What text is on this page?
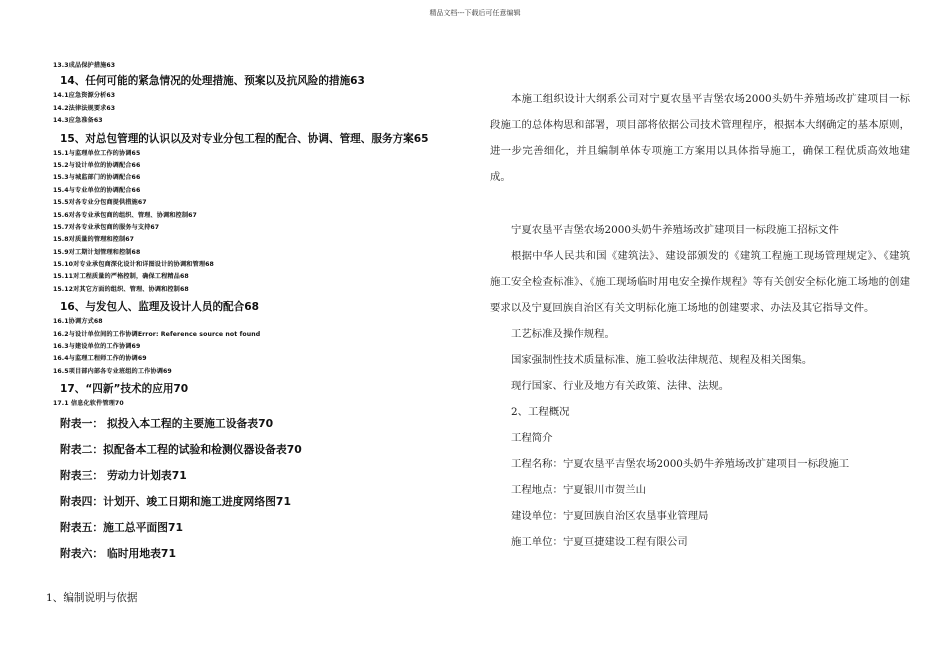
精品文档---下载后可任意编辑
13.3成品保护措施63
14、任何可能的紧急情况的处理措施、预案以及抗风险的措施63
14.1应急资源分析63
14.2法律法规要求63
14.3应急准备63
15、对总包管理的认识以及对专业分包工程的配合、协调、管理、服务方案65
15.1与监理单位工作的协调65
15.2与设计单位的协调配合66
15.3与城监部门的协调配合66
15.4与专业单位的协调配合66
15.5对各专业分包商提供措施67
15.6对各专业承包商的组织、管理、协调和控制67
15.7对各专业承包商的服务与支持67
15.8对质量的管理和控制67
15.9对工期计划管理和控制68
15.10对专业承包商深化设计和详图设计的协调和管理68
15.11对工程质量的严格控制，确保工程精品68
15.12对其它方面的组织、管理、协调和控制68
16、与发包人、监理及设计人员的配合68
16.1协调方式68
16.2与设计单位间的工作协调Error: Reference source not found
16.3与建设单位的工作协调69
16.4与监理工程师工作的协调69
16.5项目部内部各专业班组的工作协调69
17、“四新”技术的应用70
17.1 信息化软件管理70
附表一： 拟投入本工程的主要施工设备表70
附表二：拟配备本工程的试验和检测仪器设备表70
附表三： 劳动力计划表71
附表四：计划开、竣工日期和施工进度网络图71
附表五：施工总平面图71
附表六： 临时用地表71
1、编制说明与依据

本施工组织设计大纲系公司对宁夏农垦平吉堡农场2000头奶牛养殖场改扩建项目一标段施工的总体构思和部署，项目部将依据公司技术管理程序，根据本大纲确定的基本原则，进一步完善细化，并且编制单体专项施工方案用以具体指导施工，确保工程优质高效地建成。

宁夏农垦平吉堡农场2000头奶牛养殖场改扩建项目一标段施工招标文件

根据中华人民共和国《建筑法》、建设部颁发的《建筑工程施工现场管理规定》、《建筑施工安全检查标准》、《施工现场临时用电安全操作规程》等有关创安全标化施工场地的创建要求以及宁夏回族自治区有关文明标化施工场地的创建要求、办法及其它指导文件。

工艺标准及操作规程。

国家强制性技术质量标准、施工验收法律规范、规程及相关图集。

现行国家、行业及地方有关政策、法律、法规。

2、工程概况

工程简介

工程名称：宁夏农垦平吉堡农场2000头奶牛养殖场改扩建项目一标段施工

工程地点：宁夏银川市贺兰山

建设单位：宁夏回族自治区农垦事业管理局

施工单位：宁夏亘捷建设工程有限公司
